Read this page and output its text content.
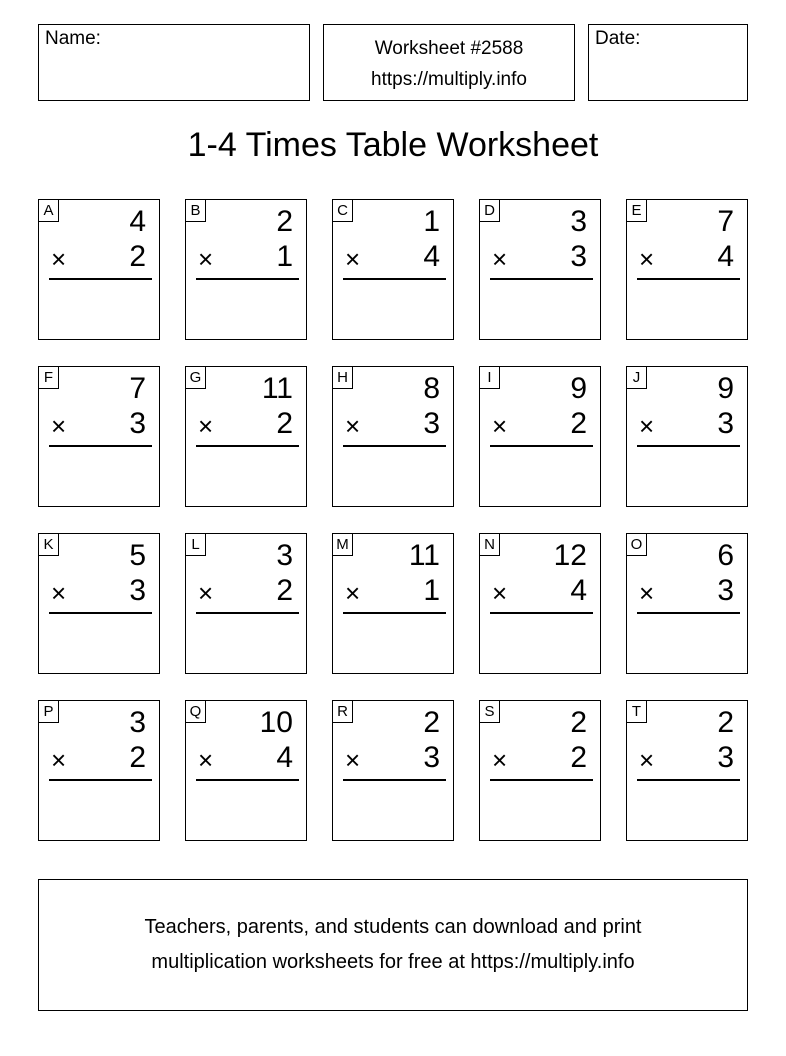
Name:	Worksheet #2588
https://multiply.info
Date:
1-4 Times Table Worksheet
A	4
× 2
B	2
× 1
C	1
× 4
D	3
× 3
E	7
× 4
F	7
× 3
G 11
× 2
H	8
× 3
I	9
× 2
J	9
× 3
K	5
× 3
L	3
× 2
M 11
× 1
N 12
× 4
O 6
× 3
P	3
× 2
Q 10
× 4
R	2
× 3
S	2
× 2
T	2
× 3
Teachers, parents, and students can download and print
multiplication worksheets for free at https://multiply.info
